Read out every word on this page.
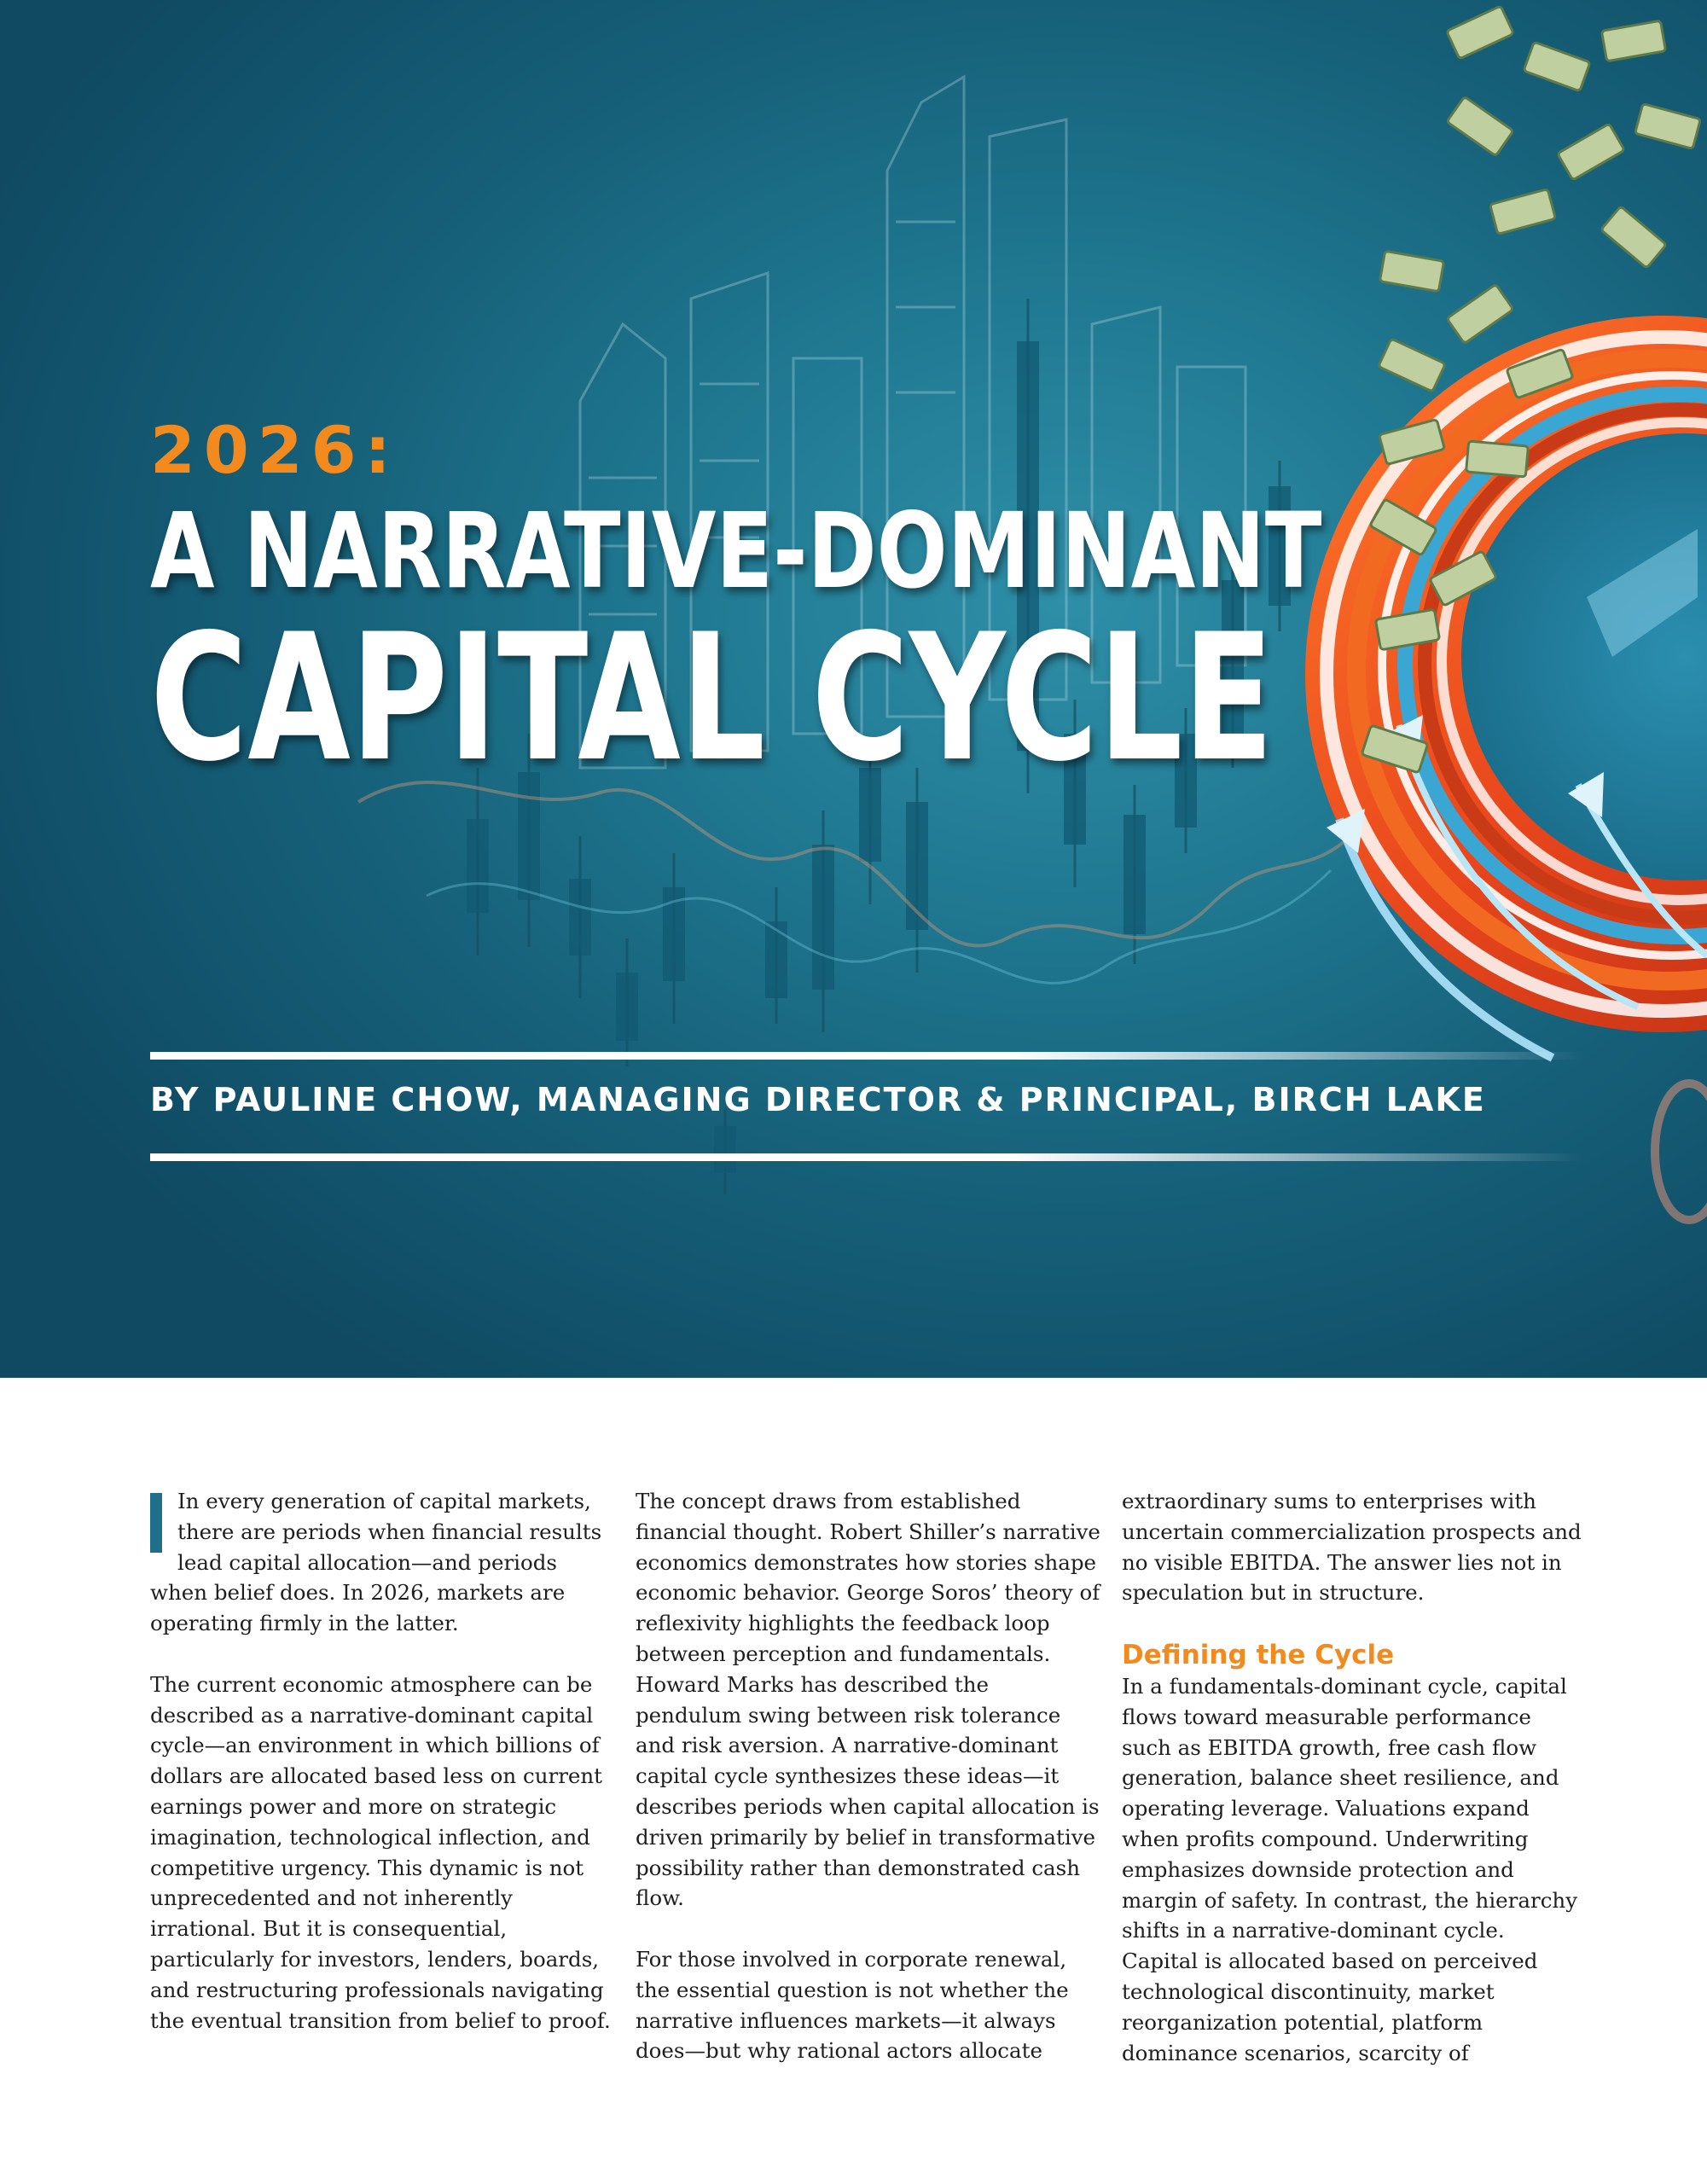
2026:

A NARRATIVE-DOMINANT
CAPITAL CYCLE

BY PAULINE CHOW, MANAGING DIRECTOR & PRINCIPAL, BIRCH LAKE

In every generation of capital markets, there are periods when financial results lead capital allocation—and periods when belief does. In 2026, markets are operating firmly in the latter.

The current economic atmosphere can be described as a narrative-dominant capital cycle—an environment in which billions of dollars are allocated based less on current earnings power and more on strategic imagination, technological inflection, and competitive urgency. This dynamic is not unprecedented and not inherently irrational. But it is consequential, particularly for investors, lenders, boards, and restructuring professionals navigating the eventual transition from belief to proof.

The concept draws from established financial thought. Robert Shiller’s narrative economics demonstrates how stories shape economic behavior. George Soros’ theory of reflexivity highlights the feedback loop between perception and fundamentals. Howard Marks has described the pendulum swing between risk tolerance and risk aversion. A narrative-dominant capital cycle synthesizes these ideas—it describes periods when capital allocation is driven primarily by belief in transformative possibility rather than demonstrated cash flow.

For those involved in corporate renewal, the essential question is not whether the narrative influences markets—it always does—but why rational actors allocate

extraordinary sums to enterprises with uncertain commercialization prospects and no visible EBITDA. The answer lies not in speculation but in structure.

Defining the Cycle

In a fundamentals-dominant cycle, capital flows toward measurable performance such as EBITDA growth, free cash flow generation, balance sheet resilience, and operating leverage. Valuations expand when profits compound. Underwriting emphasizes downside protection and margin of safety. In contrast, the hierarchy shifts in a narrative-dominant cycle. Capital is allocated based on perceived technological discontinuity, market reorganization potential, platform dominance scenarios, scarcity of
